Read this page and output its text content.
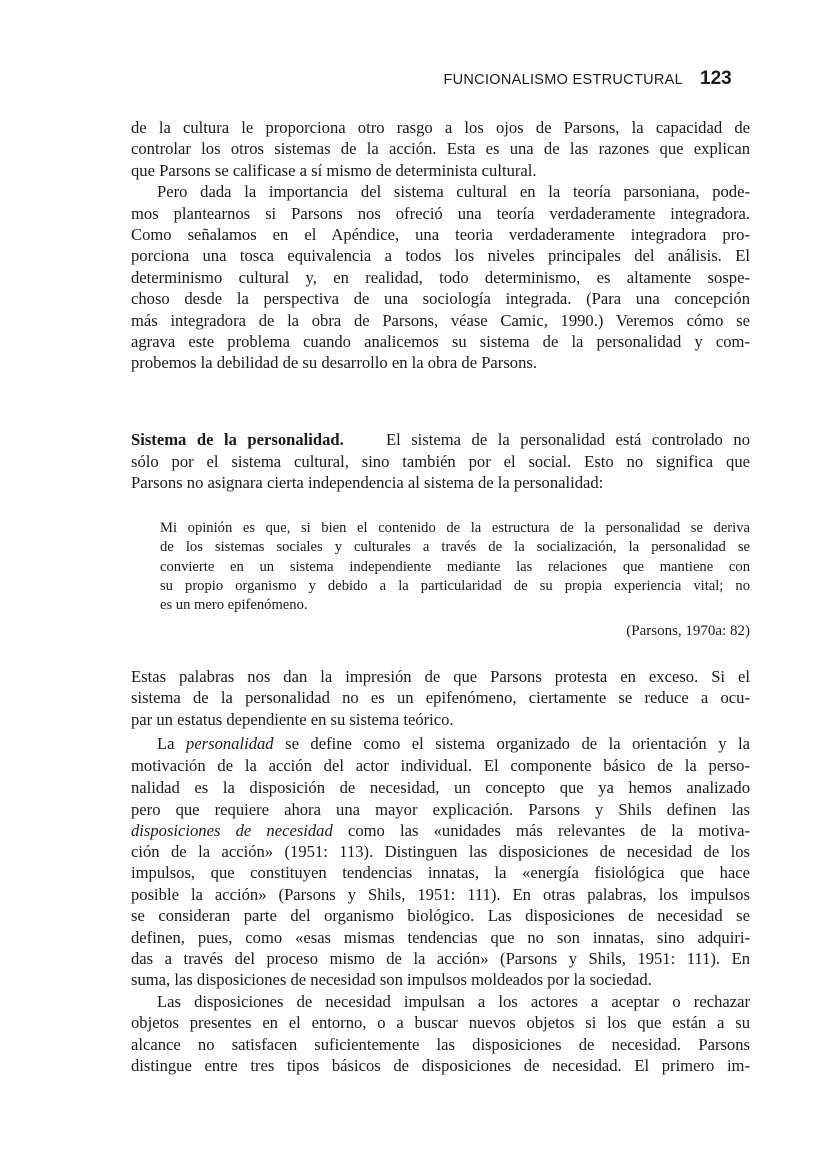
FUNCIONALISMO ESTRUCTURAL 123
Sistema de la personalidad.	El sistema de la personalidad está controlado no
sólo por el sistema cultural, sino también por el social. Esto no significa que
Parsons no asignara cierta independencia al sistema de la personalidad:
(Parsons, 1970a: 82)
La personalidad se define como el sistema organizado de la orientación y la
motivación de la acción del actor individual. El componente básico de la perso-
nalidad es la disposición de necesidad, un concepto que ya hemos analizado
pero que requiere ahora una mayor explicación. Parsons y Shils definen las
disposiciones de necesidad como las «unidades más relevantes de la motiva-
de la cultura le proporciona otro rasgo a los ojos de Parsons, la capacidad de
controlar los otros sistemas de la acción. Esta es una de las razones que explican
que Parsons se calificase a sí mismo de determinista cultural.
Pero dada la importancia del sistema cultural en la teoría parsoniana, pode-
mos plantearnos si Parsons nos ofreció una teoría verdaderamente integradora.
Como señalamos en el Apéndice, una teoria verdaderamente integradora pro-
porciona una tosca equivalencia a todos los niveles principales del análisis. El
determinismo cultural y, en realidad, todo determinismo, es altamente sospe-
choso desde la perspectiva de una sociología integrada. (Para una concepción
más integradora de la obra de Parsons, véase Camic, 1990.) Veremos cómo se
agrava este problema cuando analicemos su sistema de la personalidad y com-
probemos la debilidad de su desarrollo en la obra de Parsons.
Mi opinión es que, si bien el contenido de la estructura de la personalidad se deriva
de los sistemas sociales y culturales a través de la socialización, la personalidad se
convierte en un sistema independiente mediante las relaciones que mantiene con
su propio organismo y debido a la particularidad de su propia experiencia vital; no
es un mero epifenómeno.
Estas palabras nos dan la impresión de que Parsons protesta en exceso. Si el
sistema de la personalidad no es un epifenómeno, ciertamente se reduce a ocu-
par un estatus dependiente en su sistema teórico.
ción de la acción» (1951: 113). Distinguen las disposiciones de necesidad de los
impulsos, que constituyen tendencias innatas, la «energía fisiológica que hace
posible la acción» (Parsons y Shils, 1951: 111). En otras palabras, los impulsos
se consideran parte del organismo biológico. Las disposiciones de necesidad se
definen, pues, como «esas mismas tendencias que no son innatas, sino adquiri-
das a través del proceso mismo de la acción» (Parsons y Shils, 1951: 111). En
suma, las disposiciones de necesidad son impulsos moldeados por la sociedad.
Las disposiciones de necesidad impulsan a los actores a aceptar o rechazar
objetos presentes en el entorno, o a buscar nuevos objetos si los que están a su
alcance no satisfacen suficientemente las disposiciones de necesidad. Parsons
distingue entre tres tipos básicos de disposiciones de necesidad. El primero im-
